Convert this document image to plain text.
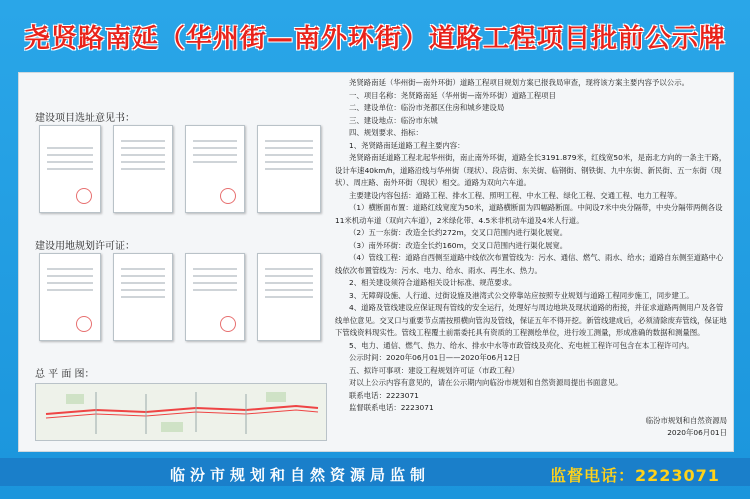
尧贤路南延（华州街—南外环街）道路工程项目批前公示牌
建设项目选址意见书：
建设用地规划许可证：
总 平 面 图：

尧贤路南延（华州街—南外环街）道路工程项目规划方案已报我局审查，现将该方案主要内容予以公示。

一、项目名称：尧贤路南延（华州街—南外环街）道路工程项目

二、建设单位：临汾市尧都区住房和城乡建设局

三、建设地点：临汾市东城

四、规划要求、指标：

1、尧贤路南延道路工程主要内容：

尧贤路南延道路工程北起华州街，南止南外环街，道路全长3191.879米，红线宽50米，是南北方向的一条主干路，设计车速40km/h，道路沿线与华州街（现状）、段店街、东关街、临钢街、钢铁街、九中东街、新民街、五一东街（现状）、周庄路、南外环街（现状）相交。道路为双向六车道。

主要建设内容包括：道路工程、排水工程、照明工程、中水工程、绿化工程、交通工程、电力工程等。

（1）横断面布置：道路红线宽度为50米，道路横断面为四幅路断面。中间设7米中央分隔带，中央分隔带两侧各设11米机动车道（双向六车道），2米绿化带、4.5米非机动车道及4米人行道。

（2）五一东街：改造全长约272m，交叉口范围内进行渠化展宽。

（3）南外环街：改造全长约160m，交叉口范围内进行渠化展宽。

（4）管线工程：道路自西侧至道路中线依次布置管线为：污水、通信、燃气、雨水、给水；道路自东侧至道路中心线依次布置管线为：污水、电力、给水、雨水、再生水、热力。

2、相关建设须符合道路相关设计标准、规范要求。

3、无障碍设施、人行道、过街设施及港湾式公交停靠站应按照专业规划与道路工程同步施工，同步建工。

4、道路及管线建设应保证现有管线的安全运行，处理好与周边地块及现状道路的衔接，并征求道路两侧用户及各管线单位意见。交叉口与重要节点需按照横向管沟及管线，保证五年不得开挖。新管线建成后，必须清除废弃管线，保证地下管线资料现实性。管线工程覆土前需委托具有资质的工程测绘单位，进行竣工测量，形成准确的数据和测量图。

5、电力、通信、燃气、热力、给水、排水中水等市政管线及亮化、充电桩工程许可包含在本工程许可内。

公示时间：2020年06月01日——2020年06月12日

五、拟许可事项：建设工程规划许可证（市政工程）

对以上公示内容有意见的，请在公示期内向临汾市规划和自然资源局提出书面意见。

联系电话：2223071

监督联系电话：2223071

临汾市规划和自然资源局

2020年06月01日

临汾市规划和自然资源局监制	监督电话：2223071
